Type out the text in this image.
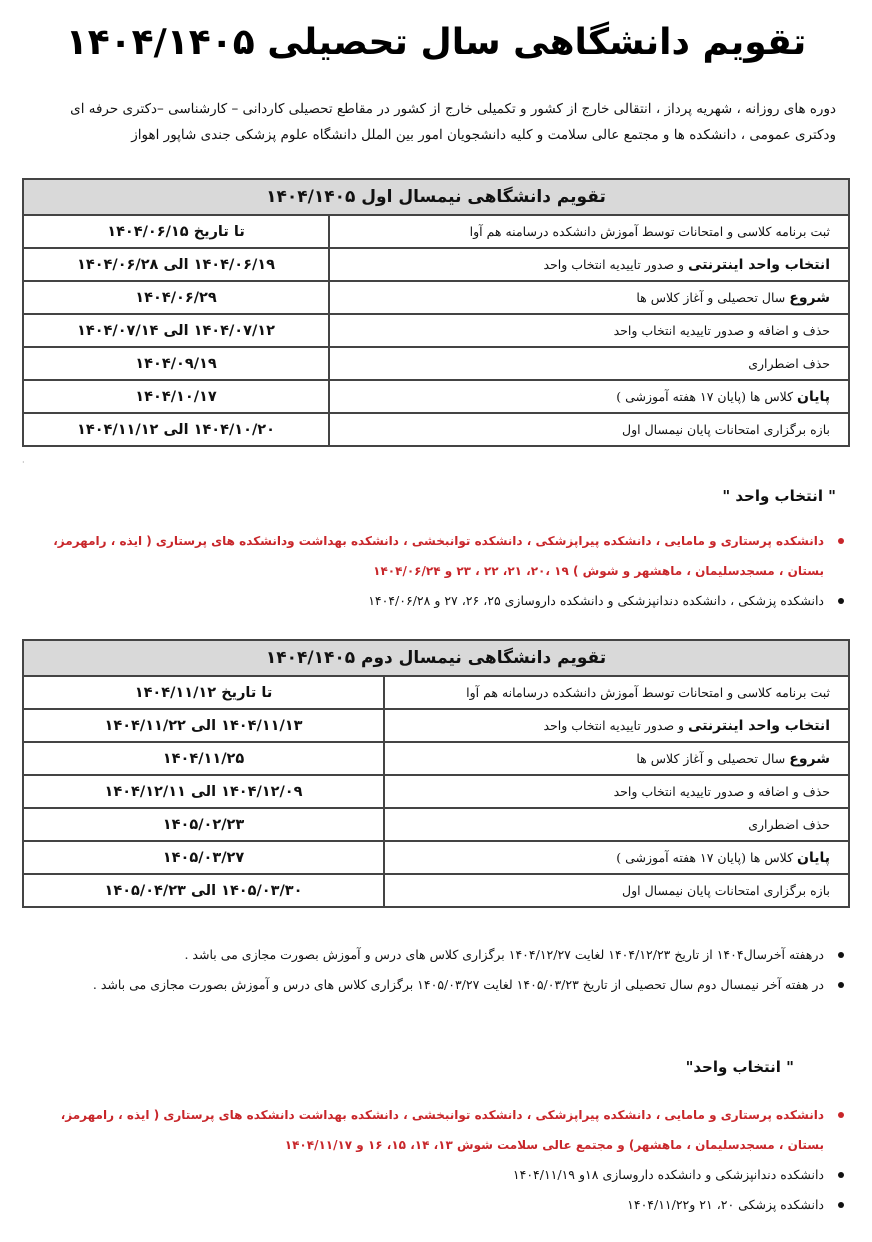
تقویم دانشگاهی سال تحصیلی ۱۴۰۴/۱۴۰۵
دوره های روزانه ، شهریه پرداز ، انتقالی خارج از کشور و تکمیلی خارج از کشور در مقاطع تحصیلی کاردانی – کارشناسی –دکتری حرفه ای ودکتری عمومی ، دانشکده ها و مجتمع عالی سلامت و کلیه دانشجویان امور بین الملل دانشگاه علوم پزشکی جندی شاپور اهواز
تقویم دانشگاهی نیمسال اول ۱۴۰۴/۱۴۰۵	
ثبت برنامه کلاسی و امتحانات توسط آموزش دانشکده درسامنه هم آوا	تا تاریخ ۱۴۰۴/۰۶/۱۵
انتخاب واحد اینترنتی و صدور تاییدیه انتخاب واحد	۱۴۰۴/۰۶/۱۹ الی ۱۴۰۴/۰۶/۲۸
شروع سال تحصیلی و آغاز کلاس ها	۱۴۰۴/۰۶/۲۹
حذف و اضافه و صدور تاییدیه انتخاب واحد	۱۴۰۴/۰۷/۱۲ الی ۱۴۰۴/۰۷/۱۴
حذف اضطراری	۱۴۰۴/۰۹/۱۹
پایان کلاس ها (پایان ۱۷ هفته آموزشی )	۱۴۰۴/۱۰/۱۷
بازه برگزاری امتحانات پایان نیمسال اول	۱۴۰۴/۱۰/۲۰ الی ۱۴۰۴/۱۱/۱۲
·
" انتخاب واحد "
دانشکده پرستاری و مامایی ، دانشکده پیراپزشکی ، دانشکده توانبخشی ، دانشکده بهداشت ودانشکده های پرستاری ( ایذه ، رامهرمز، بستان ، مسجدسلیمان ، ماهشهر و شوش ) ۱۹ ،۲۰، ۲۱، ۲۲ ، ۲۳ و ۱۴۰۴/۰۶/۲۴
دانشکده پزشکی ، دانشکده دندانپزشکی و دانشکده داروسازی ۲۵، ۲۶، ۲۷ و ۱۴۰۴/۰۶/۲۸
تقویم دانشگاهی نیمسال دوم ۱۴۰۴/۱۴۰۵	
ثبت برنامه کلاسی و امتحانات توسط آموزش دانشکده درسامانه هم آوا	تا تاریخ ۱۴۰۴/۱۱/۱۲
انتخاب واحد اینترنتی و صدور تاییدیه انتخاب واحد	۱۴۰۴/۱۱/۱۳ الی ۱۴۰۴/۱۱/۲۲
شروع سال تحصیلی و آغاز کلاس ها	۱۴۰۴/۱۱/۲۵
حذف و اضافه و صدور تاییدیه انتخاب واحد	۱۴۰۴/۱۲/۰۹ الی ۱۴۰۴/۱۲/۱۱
حذف اضطراری	۱۴۰۵/۰۲/۲۳
پایان کلاس ها (پایان ۱۷ هفته آموزشی )	۱۴۰۵/۰۳/۲۷
بازه برگزاری امتحانات پایان نیمسال اول	۱۴۰۵/۰۳/۳۰ الی ۱۴۰۵/۰۴/۲۳
درهفته آخرسال۱۴۰۴ از تاریخ ۱۴۰۴/۱۲/۲۳ لغایت ۱۴۰۴/۱۲/۲۷ برگزاری کلاس های درس و آموزش بصورت مجازی می باشد .
در هفته آخر نیمسال دوم سال تحصیلی از تاریخ ۱۴۰۵/۰۳/۲۳ لغایت ۱۴۰۵/۰۳/۲۷ برگزاری کلاس های درس و آموزش بصورت مجازی می باشد .
" انتخاب واحد"
دانشکده پرستاری و مامایی ، دانشکده پیراپزشکی ، دانشکده توانبخشی ، دانشکده بهداشت دانشکده های پرستاری ( ایذه ، رامهرمز، بستان ، مسجدسلیمان ، ماهشهر) و مجتمع عالی سلامت شوش ۱۳، ۱۴، ۱۵، ۱۶ و ۱۴۰۴/۱۱/۱۷
دانشکده دندانپزشکی و دانشکده داروسازی ۱۸و ۱۴۰۴/۱۱/۱۹
دانشکده پزشکی ۲۰، ۲۱ و۱۴۰۴/۱۱/۲۲
